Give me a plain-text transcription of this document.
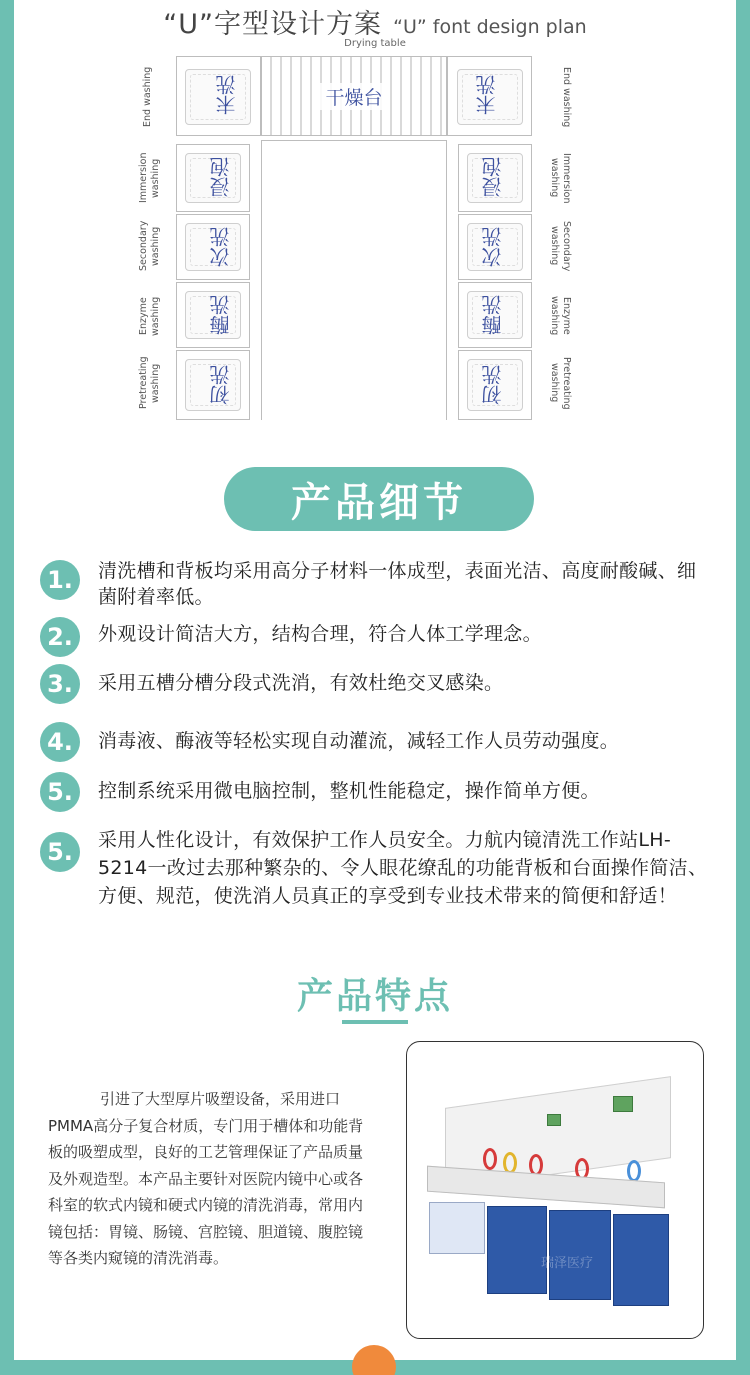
“U”字型设计方案 “U” font design plan
Drying table
干燥台
末洗
浸泡
次洗
酶洗
初洗
End washing
Immersion washing
Secondary washing
Enzyme washing
Pretreating washing
末洗
浸泡
次洗
酶洗
初洗
End washing
Immersion washing
Secondary washing
Enzyme washing
Pretreating washing
产品细节
1.	清洗槽和背板均采用高分子材料一体成型，表面光洁、高度耐酸碱、细菌附着率低。
2.	外观设计简洁大方，结构合理，符合人体工学理念。
3.	采用五槽分槽分段式洗消，有效杜绝交叉感染。
4.	消毒液、酶液等轻松实现自动灌流，减轻工作人员劳动强度。
5.	控制系统采用微电脑控制，整机性能稳定，操作简单方便。
5.	采用人性化设计，有效保护工作人员安全。力航内镜清洗工作站LH-5214一改过去那种繁杂的、令人眼花缭乱的功能背板和台面操作简洁、方便、规范，使洗消人员真正的享受到专业技术带来的简便和舒适！
产品特点
引进了大型厚片吸塑设备，采用进口PMMA高分子复合材质，专门用于槽体和功能背板的吸塑成型，良好的工艺管理保证了产品质量及外观造型。本产品主要针对医院内镜中心或各科室的软式内镜和硬式内镜的清洗消毒，常用内镜包括：胃镜、肠镜、宫腔镜、胆道镜、腹腔镜等各类内窥镜的清洗消毒。	瑞泽医疗
